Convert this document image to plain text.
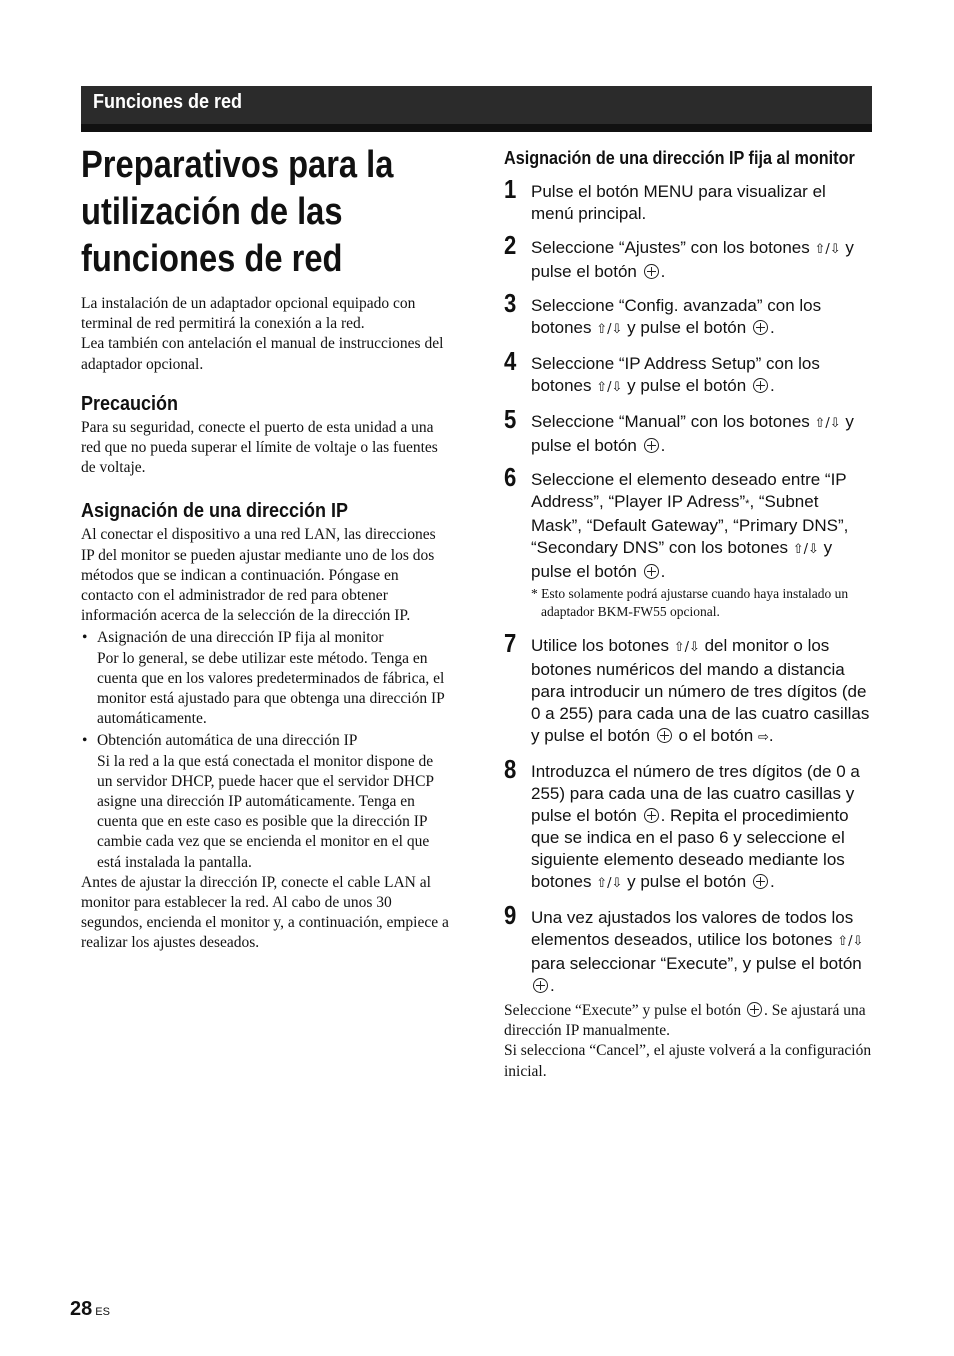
Funciones de red
Preparativos para la
utilización de las
funciones de red

La instalación de un adaptador opcional equipado con terminal de red permitirá la conexión a la red.

Lea también con antelación el manual de instrucciones del adaptador opcional.

Precaución

Para su seguridad, conecte el puerto de esta unidad a una red que no pueda superar el límite de voltaje o las fuentes de voltaje.

Asignación de una dirección IP

Al conectar el dispositivo a una red LAN, las direcciones IP del monitor se pueden ajustar mediante uno de los dos métodos que se indican a continuación. Póngase en contacto con el administrador de red para obtener información acerca de la selección de la dirección IP.

• Asignación de una dirección IP fija al monitor
Por lo general, se debe utilizar este método. Tenga en cuenta que en los valores predeterminados de fábrica, el monitor está ajustado para que obtenga una dirección IP automáticamente.
• Obtención automática de una dirección IP
Si la red a la que está conectada el monitor dispone de un servidor DHCP, puede hacer que el servidor DHCP asigne una dirección IP automáticamente. Tenga en cuenta que en este caso es posible que la dirección IP cambie cada vez que se encienda el monitor en el que está instalada la pantalla.

Antes de ajustar la dirección IP, conecte el cable LAN al monitor para establecer la red. Al cabo de unos 30 segundos, encienda el monitor y, a continuación, empiece a realizar los ajustes deseados.

Asignación de una dirección IP fija al monitor
1 Pulse el botón MENU para visualizar el menú principal.
2 Seleccione “Ajustes” con los botones ⇧/⇩ y pulse el botón .
3 Seleccione “Config. avanzada” con los botones ⇧/⇩ y pulse el botón .
4 Seleccione “IP Address Setup” con los botones ⇧/⇩ y pulse el botón .
5 Seleccione “Manual” con los botones ⇧/⇩ y pulse el botón .
6 Seleccione el elemento deseado entre “IP Address”, “Player IP Adress”*, “Subnet Mask”, “Default Gateway”, “Primary DNS”, “Secondary DNS” con los botones ⇧/⇩ y pulse el botón .
* Esto solamente podrá ajustarse cuando haya instalado un adaptador BKM-FW55 opcional.
7 Utilice los botones ⇧/⇩ del monitor o los botones numéricos del mando a distancia para introducir un número de tres dígitos (de 0 a 255) para cada una de las cuatro casillas y pulse el botón  o el botón ⇨.
8 Introduzca el número de tres dígitos (de 0 a 255) para cada una de las cuatro casillas y pulse el botón . Repita el procedimiento que se indica en el paso 6 y seleccione el siguiente elemento deseado mediante los botones ⇧/⇩ y pulse el botón .
9 Una vez ajustados los valores de todos los elementos deseados, utilice los botones ⇧/⇩ para seleccionar “Execute”, y pulse el botón .

Seleccione “Execute” y pulse el botón . Se ajustará una dirección IP manualmente.

Si selecciona “Cancel”, el ajuste volverá a la configuración inicial.

28 ES
